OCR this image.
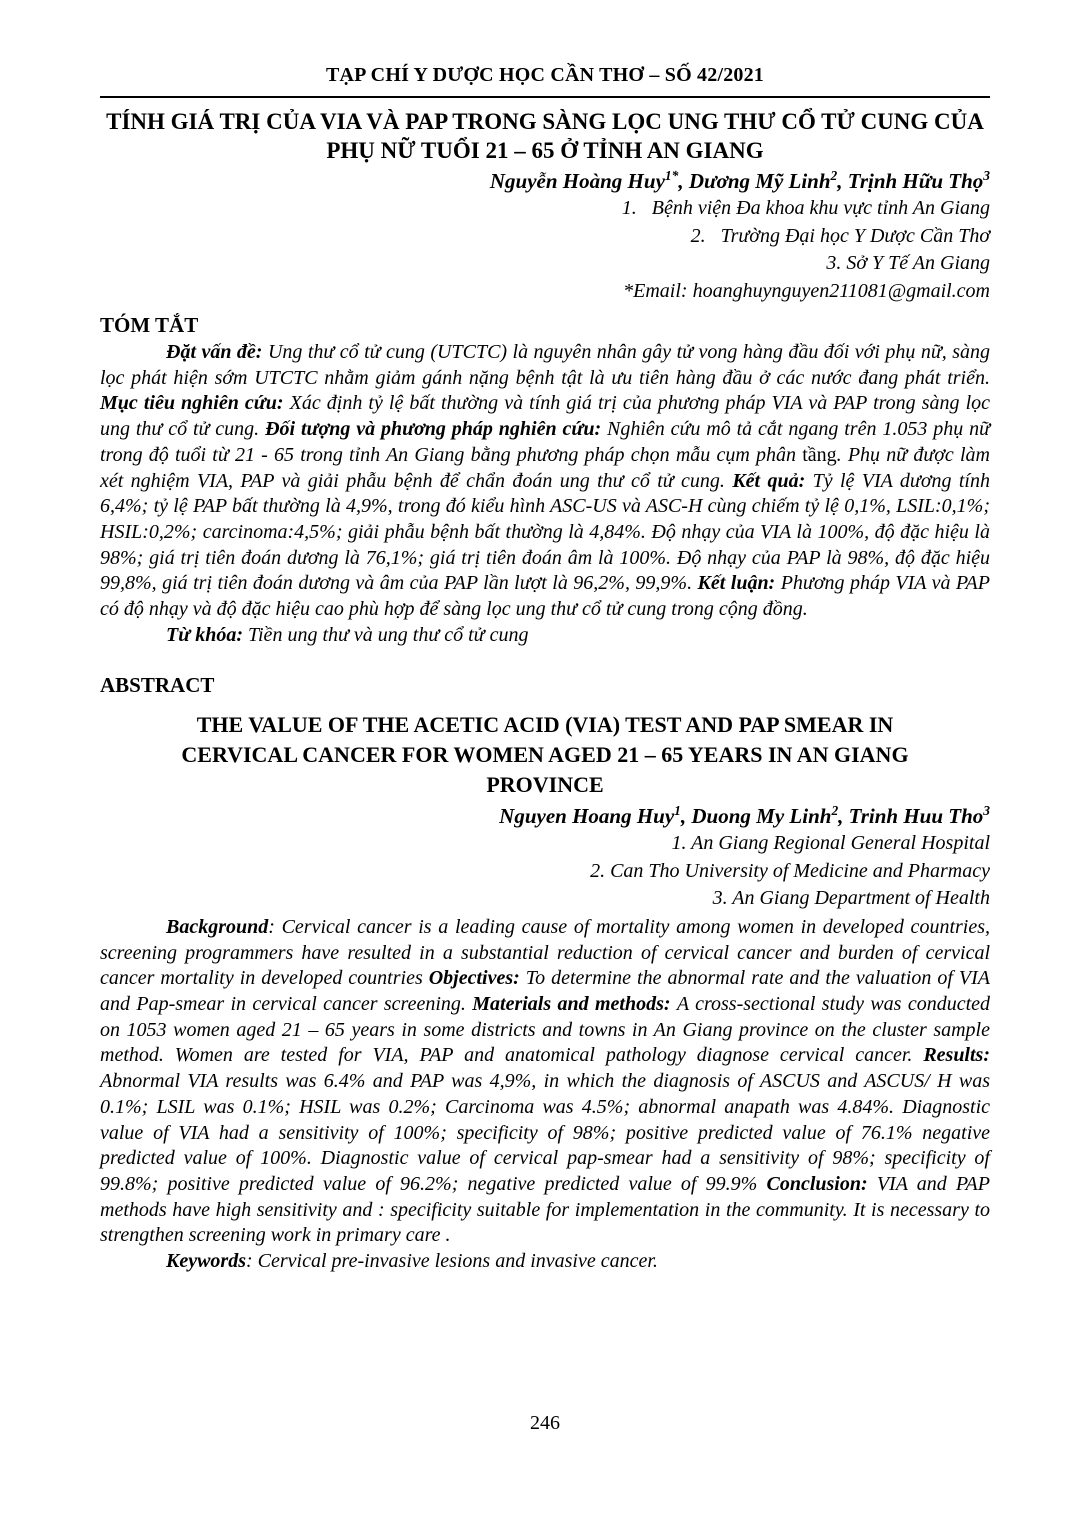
TẠP CHÍ Y DƯỢC HỌC CẦN THƠ – SỐ 42/2021
TÍNH GIÁ TRỊ CỦA VIA VÀ PAP TRONG SÀNG LỌC UNG THƯ CỔ TỬ CUNG CỦA PHỤ NỮ TUỔI 21 – 65 Ở TỈNH AN GIANG
Nguyễn Hoàng Huy$^{1*}$, Dương Mỹ Linh$^2$, Trịnh Hữu Thọ$^3$
1.   Bệnh viện Đa khoa khu vực tỉnh An Giang
2.   Trường Đại học Y Dược Cần Thơ
3. Sở Y Tế An Giang
*Email: hoanghuynguyen211081@gmail.com
TÓM TẮT
Đặt vấn đề: Ung thư cổ tử cung (UTCTC) là nguyên nhân gây tử vong hàng đầu đối với phụ nữ, sàng lọc phát hiện sớm UTCTC nhằm giảm gánh nặng bệnh tật là ưu tiên hàng đầu ở các nước đang phát triển. Mục tiêu nghiên cứu: Xác định tỷ lệ bất thường và tính giá trị của phương pháp VIA và PAP trong sàng lọc ung thư cổ tử cung. Đối tượng và phương pháp nghiên cứu: Nghiên cứu mô tả cắt ngang trên 1.053 phụ nữ trong độ tuổi từ 21 - 65 trong tỉnh An Giang bằng phương pháp chọn mẫu cụm phân tầng. Phụ nữ được làm xét nghiệm VIA, PAP và giải phẫu bệnh để chẩn đoán ung thư cổ tử cung. Kết quả: Tỷ lệ VIA dương tính 6,4%; tỷ lệ PAP bất thường là 4,9%, trong đó kiểu hình ASC-US và ASC-H cùng chiếm tỷ lệ 0,1%, LSIL:0,1%; HSIL:0,2%; carcinoma:4,5%; giải phẫu bệnh bất thường là 4,84%. Độ nhạy của VIA là 100%, độ đặc hiệu là 98%; giá trị tiên đoán dương là 76,1%; giá trị tiên đoán âm là 100%. Độ nhạy của PAP là 98%, độ đặc hiệu 99,8%, giá trị tiên đoán dương và âm của PAP lần lượt là 96,2%, 99,9%. Kết luận: Phương pháp VIA và PAP có độ nhạy và độ đặc hiệu cao phù hợp để sàng lọc ung thư cổ tử cung trong cộng đồng.
Từ khóa: Tiền ung thư và ung thư cổ tử cung
ABSTRACT
THE VALUE OF THE ACETIC ACID (VIA) TEST AND PAP SMEAR IN CERVICAL CANCER FOR WOMEN AGED 21 – 65 YEARS IN AN GIANG PROVINCE
Nguyen Hoang Huy$^1$, Duong My Linh$^2$, Trinh Huu Tho$^3$
1. An Giang Regional General Hospital
2. Can Tho University of Medicine and Pharmacy
3. An Giang Department of Health
Background: Cervical cancer is a leading cause of mortality among women in developed countries, screening programmers have resulted in a substantial reduction of cervical cancer and burden of cervical cancer mortality in developed countries Objectives: To determine the abnormal rate and the valuation of VIA and Pap-smear in cervical cancer screening. Materials and methods: A cross-sectional study was conducted on 1053 women aged 21 – 65 years in some districts and towns in An Giang province on the cluster sample method. Women are tested for VIA, PAP and anatomical pathology diagnose cervical cancer. Results: Abnormal VIA results was 6.4% and PAP was 4,9%, in which the diagnosis of ASCUS and ASCUS/ H was 0.1%; LSIL was 0.1%; HSIL was 0.2%; Carcinoma was 4.5%; abnormal anapath was 4.84%. Diagnostic value of VIA had a sensitivity of 100%; specificity of 98%; positive predicted value of 76.1% negative predicted value of 100%. Diagnostic value of cervical pap-smear had a sensitivity of 98%; specificity of 99.8%; positive predicted value of 96.2%; negative predicted value of 99.9% Conclusion: VIA and PAP methods have high sensitivity and : specificity suitable for implementation in the community. It is necessary to strengthen screening work in primary care .
Keywords: Cervical pre-invasive lesions and invasive cancer.
246
